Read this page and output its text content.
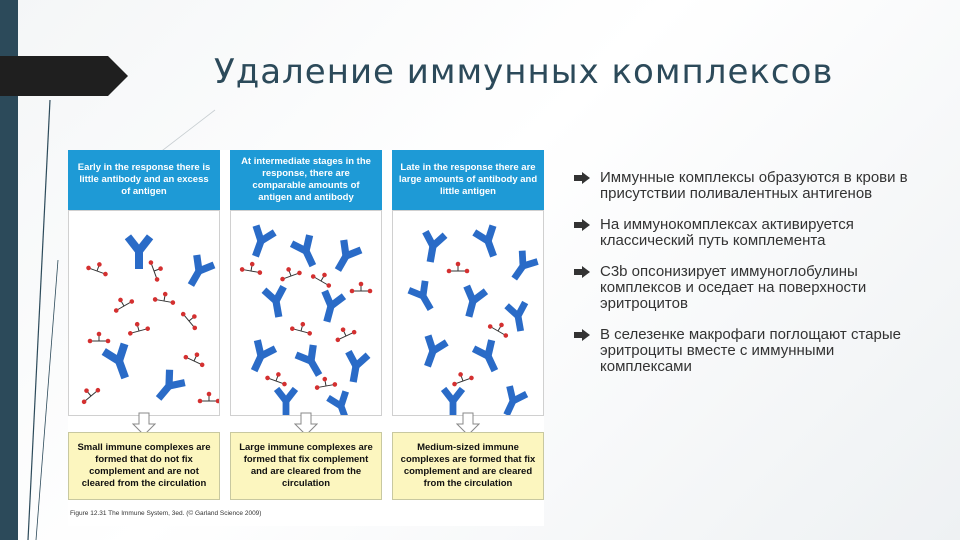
Удаление иммунных комплексов
Early in the response there is little antibody and an excess of antigen
Small immune complexes are formed that do not fix complement and are not cleared from the circulation
At intermediate stages in the response, there are comparable amounts of antigen and antibody
Large immune complexes are formed that fix complement and are cleared from the circulation
Late in the response there are large amounts of antibody and little antigen
Medium-sized immune complexes are formed that fix complement and are cleared from the circulation
Figure 12.31 The Immune System, 3ed. (© Garland Science 2009)
Иммунные комплексы образуются в крови в присутствии поливалентных антигенов
На иммунокомплексах активируется классический путь комплемента
С3b опсонизирует иммуноглобулины комплексов и оседает на поверхности эритроцитов
В селезенке макрофаги поглощают старые эритроциты вместе с иммунными комплексами
